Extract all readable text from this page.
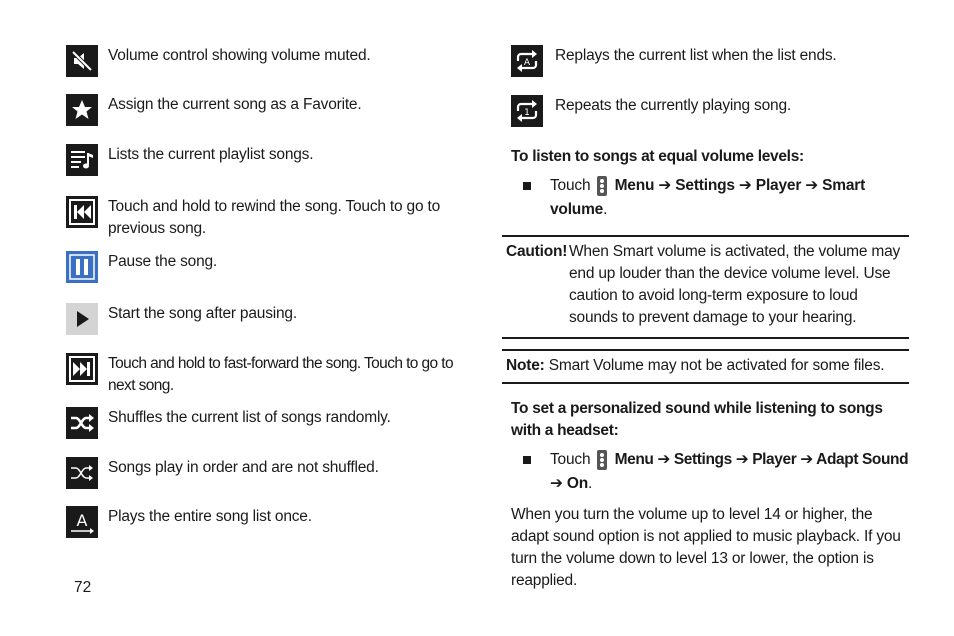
Volume control showing volume muted.
Assign the current song as a Favorite.
Lists the current playlist songs.
Touch and hold to rewind the song. Touch to go to previous song.
Pause the song.
Start the song after pausing.
Touch and hold to fast-forward the song. Touch to go to next song.
Shuffles the current list of songs randomly.
Songs play in order and are not shuffled.
A Plays the entire song list once.
A Replays the current list when the list ends.
1 Repeats the currently playing song.
To listen to songs at equal volume levels:
Touch Menu ➔ Settings ➔ Player ➔ Smart
volume.
Caution! When Smart volume is activated, the volume may end up louder than the device volume level. Use caution to avoid long-term exposure to loud sounds to prevent damage to your hearing.
Note: Smart Volume may not be activated for some files.
To set a personalized sound while listening to songs with a headset:
Touch Menu ➔ Settings ➔ Player ➔ Adapt Sound
➔ On.
When you turn the volume up to level 14 or higher, the adapt sound option is not applied to music playback. If you turn the volume down to level 13 or lower, the option is reapplied.
72
